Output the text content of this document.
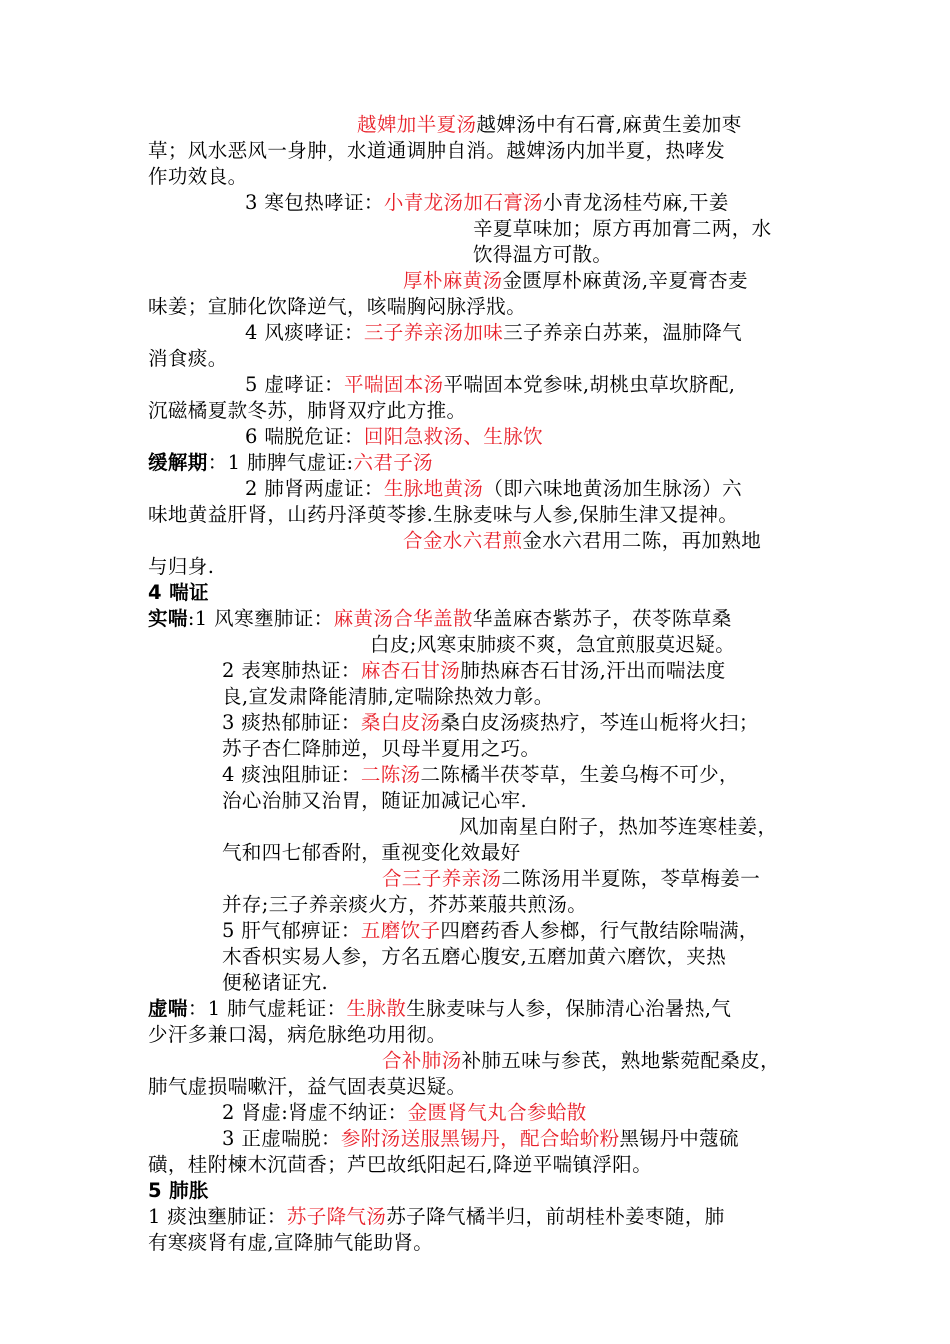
越婢加半夏汤越婢汤中有石膏,麻黄生姜加枣
草；风水恶风一身肿，水道通调肿自消。越婢汤内加半夏，热哮发
作功效良。
3 寒包热哮证：小青龙汤加石膏汤小青龙汤桂芍麻,干姜
辛夏草味加；原方再加膏二两，水
饮得温方可散。
厚朴麻黄汤金匮厚朴麻黄汤,辛夏膏杏麦
味姜；宣肺化饮降逆气，咳喘胸闷脉浮戕。
4 风痰哮证：三子养亲汤加味三子养亲白苏莱，温肺降气
消食痰。
5 虚哮证：平喘固本汤平喘固本党参味,胡桃虫草坎脐配,
沉磁橘夏款冬苏，肺肾双疗此方推。
6 喘脱危证：回阳急救汤、生脉饮
缓解期：1 肺脾气虚证:六君子汤
2 肺肾两虚证：生脉地黄汤（即六味地黄汤加生脉汤）六
味地黄益肝肾，山药丹泽萸苓掺.生脉麦味与人参,保肺生津又提神。
合金水六君煎金水六君用二陈，再加熟地
与归身.
4 喘证
实喘:1 风寒壅肺证：麻黄汤合华盖散华盖麻杏紫苏子，茯苓陈草桑
白皮;风寒束肺痰不爽，急宜煎服莫迟疑。
2 表寒肺热证：麻杏石甘汤肺热麻杏石甘汤,汗出而喘法度
良,宣发肃降能清肺,定喘除热效力彰。
3 痰热郁肺证：桑白皮汤桑白皮汤痰热疗，芩连山栀将火扫；
苏子杏仁降肺逆，贝母半夏用之巧。
4 痰浊阻肺证：二陈汤二陈橘半茯苓草，生姜乌梅不可少，
治心治肺又治胃，随证加减记心牢.
风加南星白附子，热加芩连寒桂姜，
气和四七郁香附，重视变化效最好
合三子养亲汤二陈汤用半夏陈，苓草梅姜一
并存;三子养亲痰火方，芥苏莱菔共煎汤。
5 肝气郁痹证：五磨饮子四磨药香人参榔，行气散结除喘满，
木香枳实易人参，方名五磨心腹安,五磨加黄六磨饮，夹热
便秘诸证宄.
虚喘：1 肺气虚耗证：生脉散生脉麦味与人参，保肺清心治暑热,气
少汗多兼口渴，病危脉绝功用彻。
合补肺汤补肺五味与参芪，熟地紫菀配桑皮，
肺气虚损喘嗽汗，益气固表莫迟疑。
2 肾虚:肾虚不纳证：金匮肾气丸合参蛤散
3 正虚喘脱：参附汤送服黑锡丹，配合蛤蚧粉黑锡丹中蔻硫
磺，桂附楝木沉茴香；芦巴故纸阳起石,降逆平喘镇浮阳。
5 肺胀
1 痰浊壅肺证：苏子降气汤苏子降气橘半归，前胡桂朴姜枣随，肺
有寒痰肾有虚,宣降肺气能助肾。
